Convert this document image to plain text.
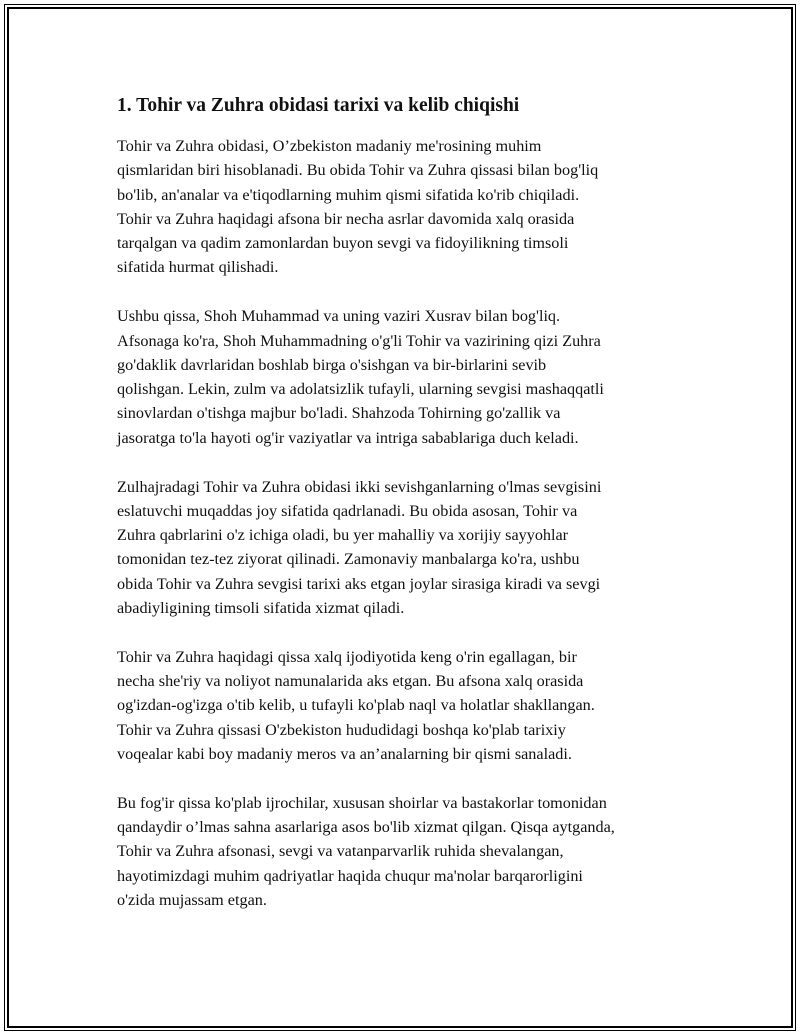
1. Tohir va Zuhra obidasi tarixi va kelib chiqishi

Tohir va Zuhra obidasi, O’zbekiston madaniy me'rosining muhim
qismlaridan biri hisoblanadi. Bu obida Tohir va Zuhra qissasi bilan bog'liq
bo'lib, an'analar va e'tiqodlarning muhim qismi sifatida ko'rib chiqiladi.
Tohir va Zuhra haqidagi afsona bir necha asrlar davomida xalq orasida
tarqalgan va qadim zamonlardan buyon sevgi va fidoyilikning timsoli
sifatida hurmat qilishadi.

Ushbu qissa, Shoh Muhammad va uning vaziri Xusrav bilan bog'liq.
Afsonaga ko'ra, Shoh Muhammadning o'g'li Tohir va vazirining qizi Zuhra
go'daklik davrlaridan boshlab birga o'sishgan va bir-birlarini sevib
qolishgan. Lekin, zulm va adolatsizlik tufayli, ularning sevgisi mashaqqatli
sinovlardan o'tishga majbur bo'ladi. Shahzoda Tohirning go'zallik va
jasoratga to'la hayoti og'ir vaziyatlar va intriga sabablariga duch keladi.

Zulhajradagi Tohir va Zuhra obidasi ikki sevishganlarning o'lmas sevgisini
eslatuvchi muqaddas joy sifatida qadrlanadi. Bu obida asosan, Tohir va
Zuhra qabrlarini o'z ichiga oladi, bu yer mahalliy va xorijiy sayyohlar
tomonidan tez-tez ziyorat qilinadi. Zamonaviy manbalarga ko'ra, ushbu
obida Tohir va Zuhra sevgisi tarixi aks etgan joylar sirasiga kiradi va sevgi
abadiyligining timsoli sifatida xizmat qiladi.

Tohir va Zuhra haqidagi qissa xalq ijodiyotida keng o'rin egallagan, bir
necha she'riy va noliyot namunalarida aks etgan. Bu afsona xalq orasida
og'izdan-og'izga o'tib kelib, u tufayli ko'plab naql va holatlar shakllangan.
Tohir va Zuhra qissasi O'zbekiston hududidagi boshqa ko'plab tarixiy
voqealar kabi boy madaniy meros va an’analarning bir qismi sanaladi.

Bu fog'ir qissa ko'plab ijrochilar, xususan shoirlar va bastakorlar tomonidan
qandaydir o’lmas sahna asarlariga asos bo'lib xizmat qilgan. Qisqa aytganda,
Tohir va Zuhra afsonasi, sevgi va vatanparvarlik ruhida shevalangan,
hayotimizdagi muhim qadriyatlar haqida chuqur ma'nolar barqarorligini
o'zida mujassam etgan.
